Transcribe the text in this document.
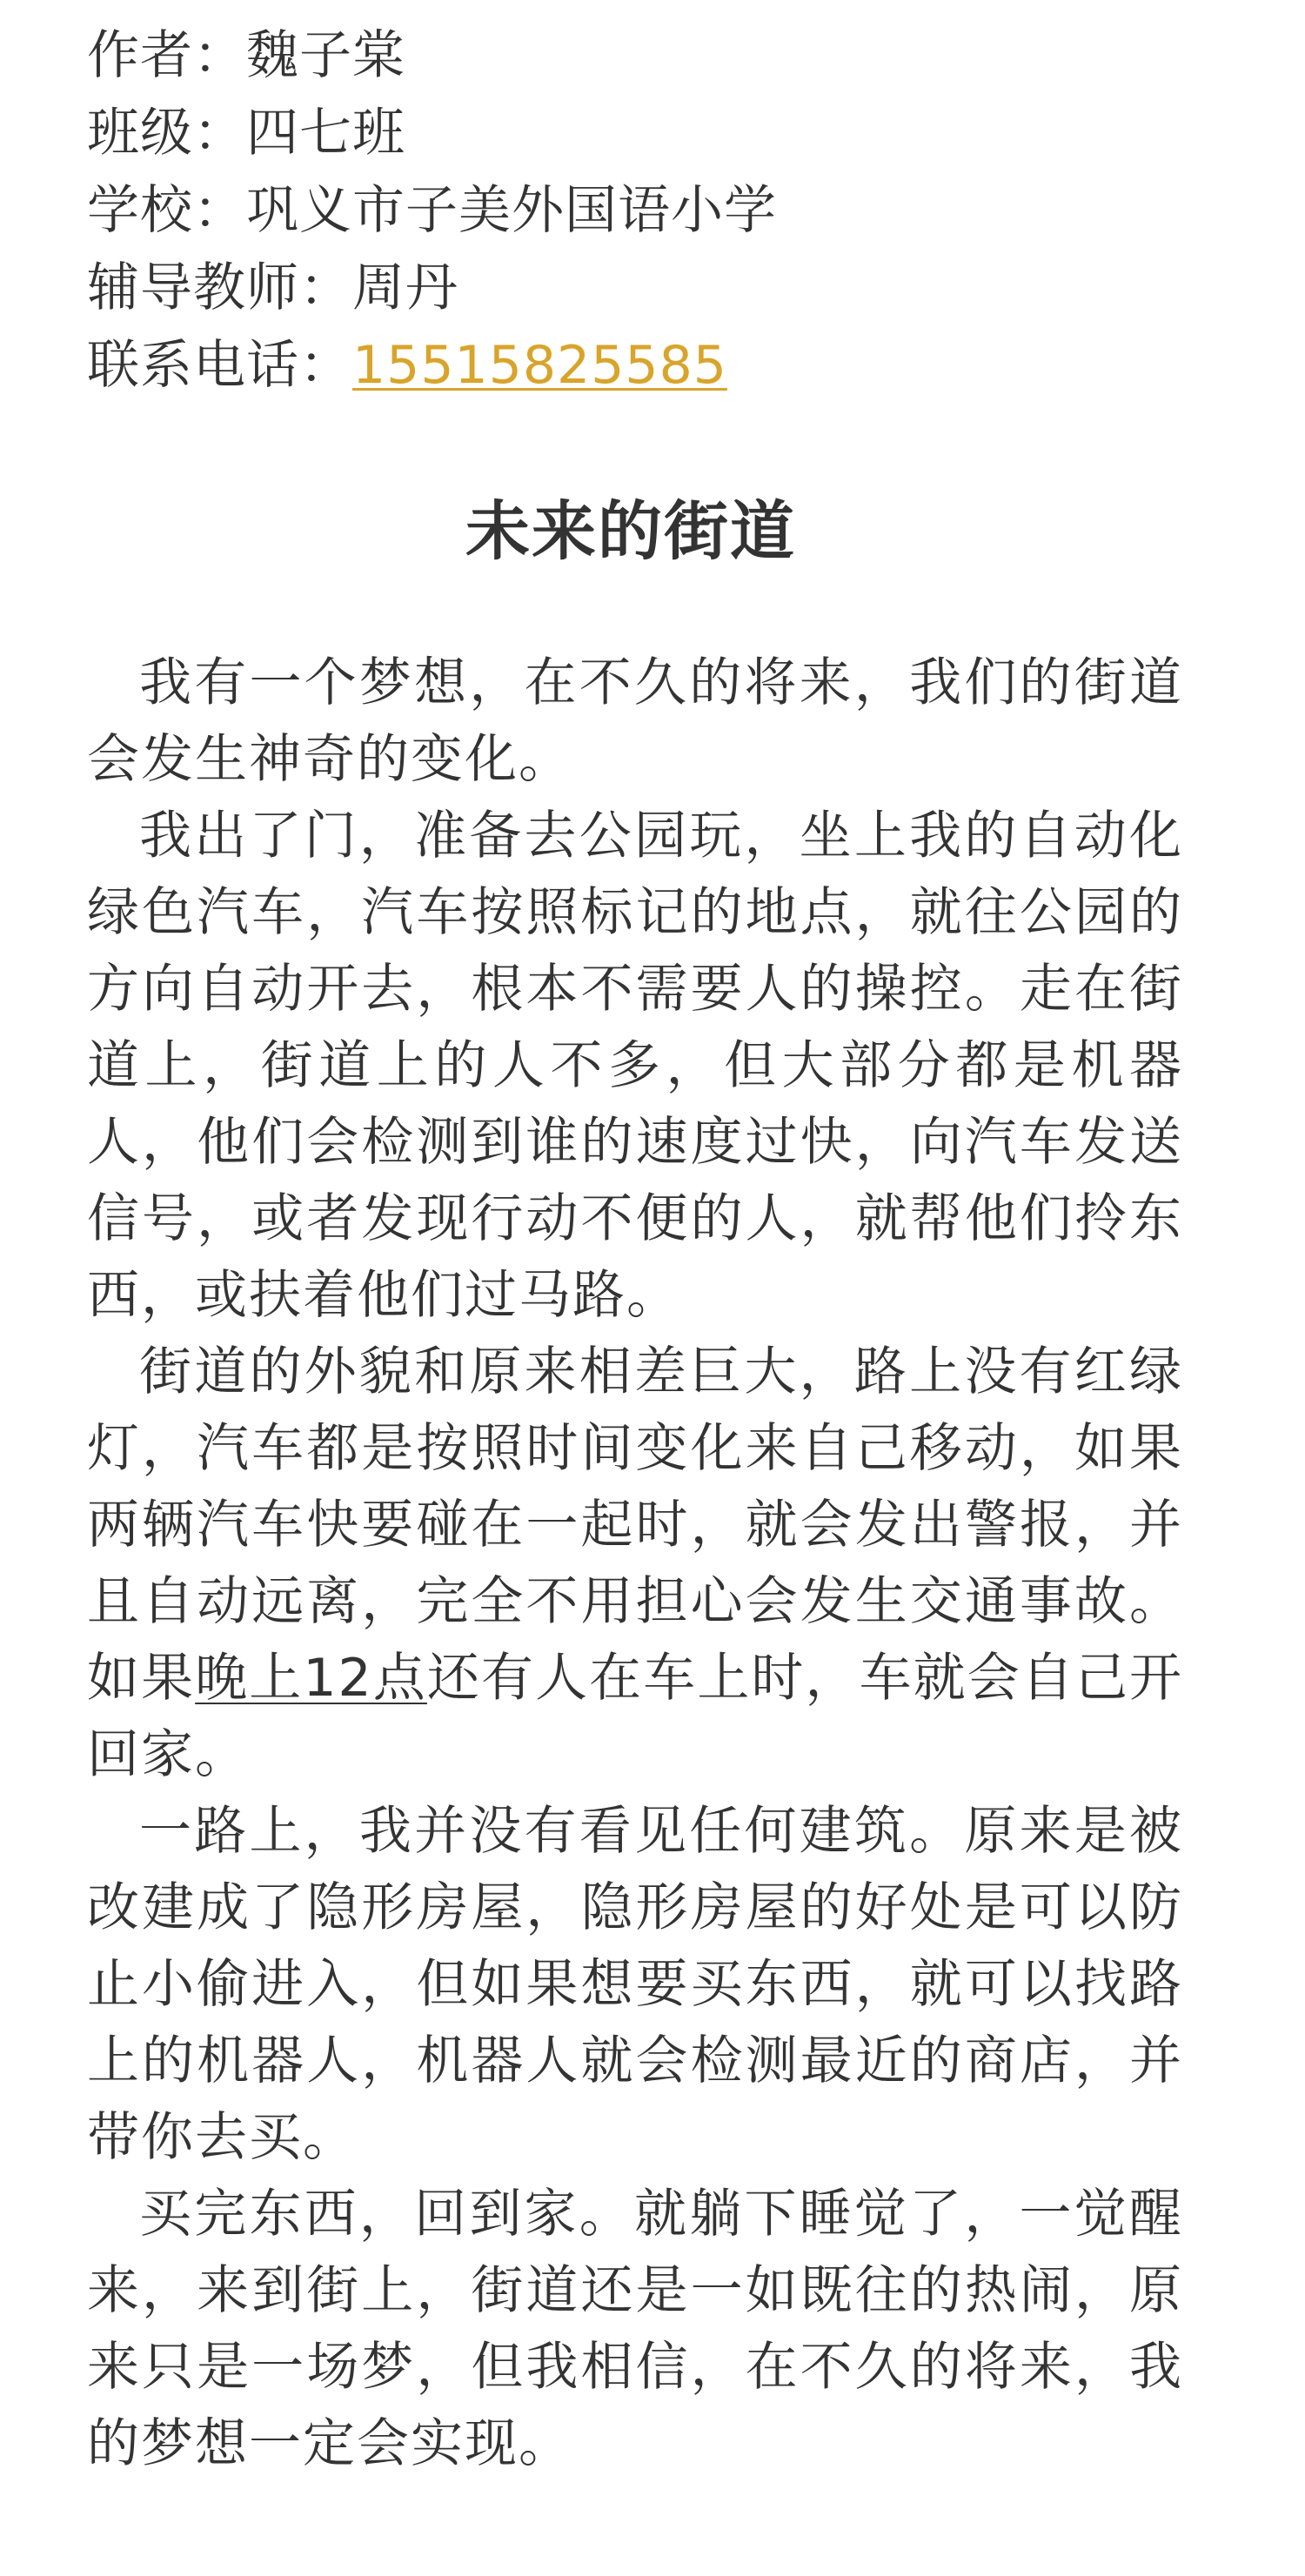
作者：魏子棠
班级：四七班
学校：巩义市子美外国语小学
辅导教师：周丹
联系电话：15515825585
未来的街道

我有一个梦想，在不久的将来，我们的街道会发生神奇的变化。

我出了门，准备去公园玩，坐上我的自动化绿色汽车，汽车按照标记的地点，就往公园的方向自动开去，根本不需要人的操控。走在街道上，街道上的人不多，但大部分都是机器人，他们会检测到谁的速度过快，向汽车发送信号，或者发现行动不便的人，就帮他们拎东西，或扶着他们过马路。

街道的外貌和原来相差巨大，路上没有红绿灯，汽车都是按照时间变化来自己移动，如果两辆汽车快要碰在一起时，就会发出警报，并且自动远离，完全不用担心会发生交通事故。如果晚上12点还有人在车上时，车就会自己开回家。

一路上，我并没有看见任何建筑。原来是被改建成了隐形房屋，隐形房屋的好处是可以防止小偷进入，但如果想要买东西，就可以找路上的机器人，机器人就会检测最近的商店，并带你去买。

买完东西，回到家。就躺下睡觉了，一觉醒来，来到街上，街道还是一如既往的热闹，原来只是一场梦，但我相信，在不久的将来，我的梦想一定会实现。
